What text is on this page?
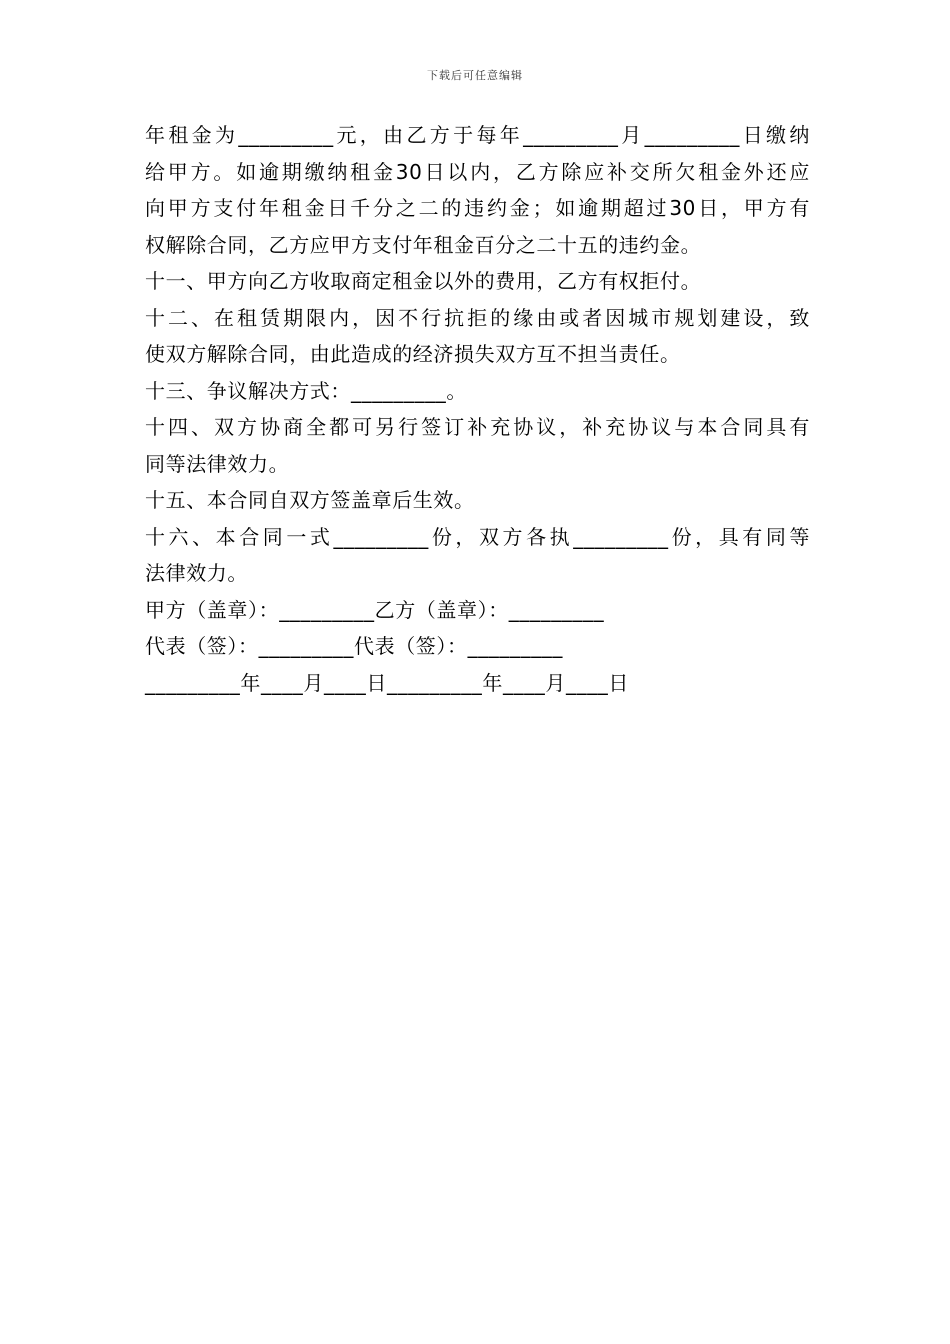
下载后可任意编辑
年租金为_________元，由乙方于每年_________月_________日缴纳
给甲方。如逾期缴纳租金30日以内，乙方除应补交所欠租金外还应
向甲方支付年租金日千分之二的违约金；如逾期超过30日，甲方有
权解除合同，乙方应甲方支付年租金百分之二十五的违约金。
十一、甲方向乙方收取商定租金以外的费用，乙方有权拒付。
十二、在租赁期限内，因不行抗拒的缘由或者因城市规划建设，致
使双方解除合同，由此造成的经济损失双方互不担当责任。
十三、争议解决方式：_________。
十四、双方协商全都可另行签订补充协议，补充协议与本合同具有
同等法律效力。
十五、本合同自双方签盖章后生效。
十六、本合同一式_________份，双方各执_________份，具有同等
法律效力。
甲方（盖章）：_________乙方（盖章）：_________
代表（签）：_________代表（签）：_________
_________年____月____日_________年____月____日
